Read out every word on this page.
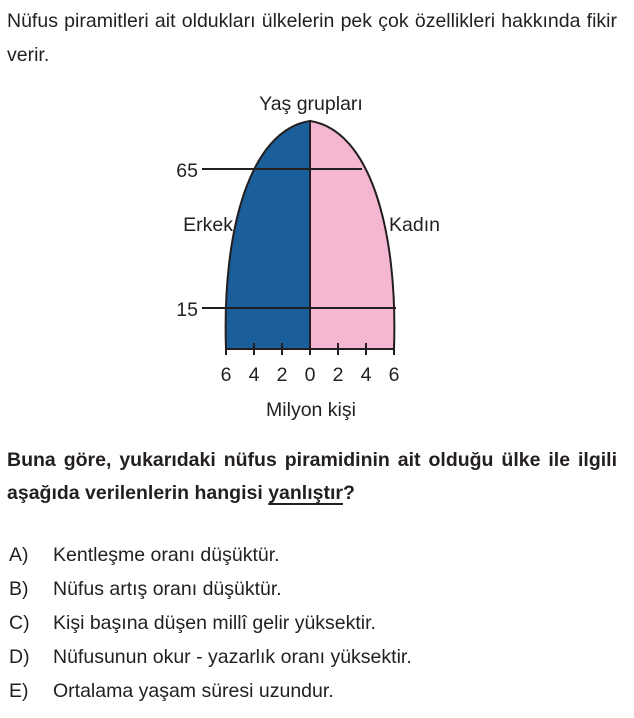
Nüfus piramitleri ait oldukları ülkelerin pek çok özellikleri hakkında fikir verir.
Yaş grupları
65
15
Erkek	Kadın
6 4 2 0 2 4 6
Milyon kişi
Buna göre, yukarıdaki nüfus piramidinin ait olduğu ülke ile ilgili aşağıda verilenlerin hangisi yanlıştır?
A)	Kentleşme oranı düşüktür.
B)	Nüfus artış oranı düşüktür.
C)	Kişi başına düşen millî gelir yüksektir.
D)	Nüfusunun okur - yazarlık oranı yüksektir.
E)	Ortalama yaşam süresi uzundur.
